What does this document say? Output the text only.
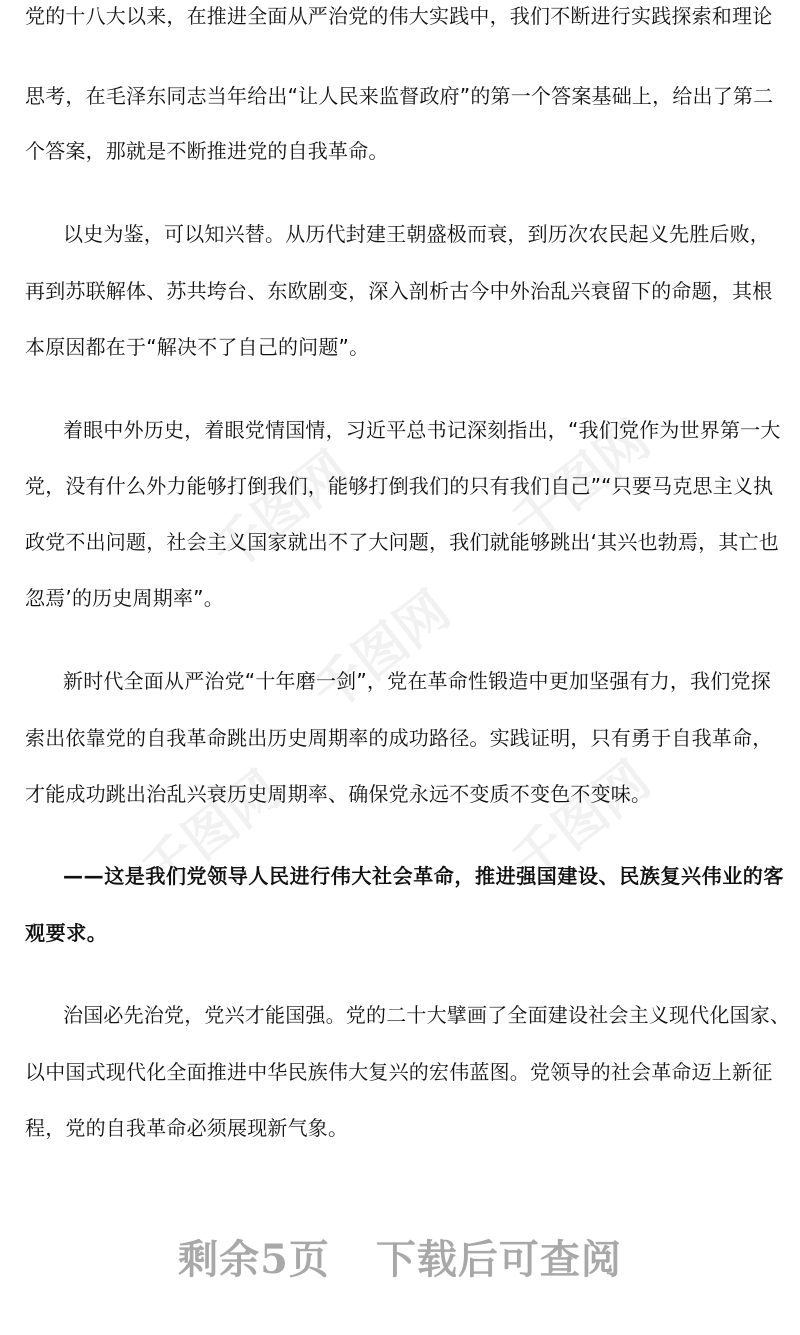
千图网	千图网
千图网
千图网	千图网
党的十八大以来，在推进全面从严治党的伟大实践中，我们不断进行实践探索和理论
思考，在毛泽东同志当年给出“让人民来监督政府”的第一个答案基础上，给出了第二
个答案，那就是不断推进党的自我革命。
以史为鉴，可以知兴替。从历代封建王朝盛极而衰，到历次农民起义先胜后败，
再到苏联解体、苏共垮台、东欧剧变，深入剖析古今中外治乱兴衰留下的命题，其根
本原因都在于“解决不了自己的问题”。
着眼中外历史，着眼党情国情，习近平总书记深刻指出，“我们党作为世界第一大
党，没有什么外力能够打倒我们，能够打倒我们的只有我们自己”“只要马克思主义执
政党不出问题，社会主义国家就出不了大问题，我们就能够跳出‘其兴也勃焉，其亡也
忽焉’的历史周期率”。
新时代全面从严治党“十年磨一剑”，党在革命性锻造中更加坚强有力，我们党探
索出依靠党的自我革命跳出历史周期率的成功路径。实践证明，只有勇于自我革命，
才能成功跳出治乱兴衰历史周期率、确保党永远不变质不变色不变味。
——这是我们党领导人民进行伟大社会革命，推进强国建设、民族复兴伟业的客
观要求。
治国必先治党，党兴才能国强。党的二十大擘画了全面建设社会主义现代化国家、
以中国式现代化全面推进中华民族伟大复兴的宏伟蓝图。党领导的社会革命迈上新征
程，党的自我革命必须展现新气象。
剩余5页 下载后可查阅
